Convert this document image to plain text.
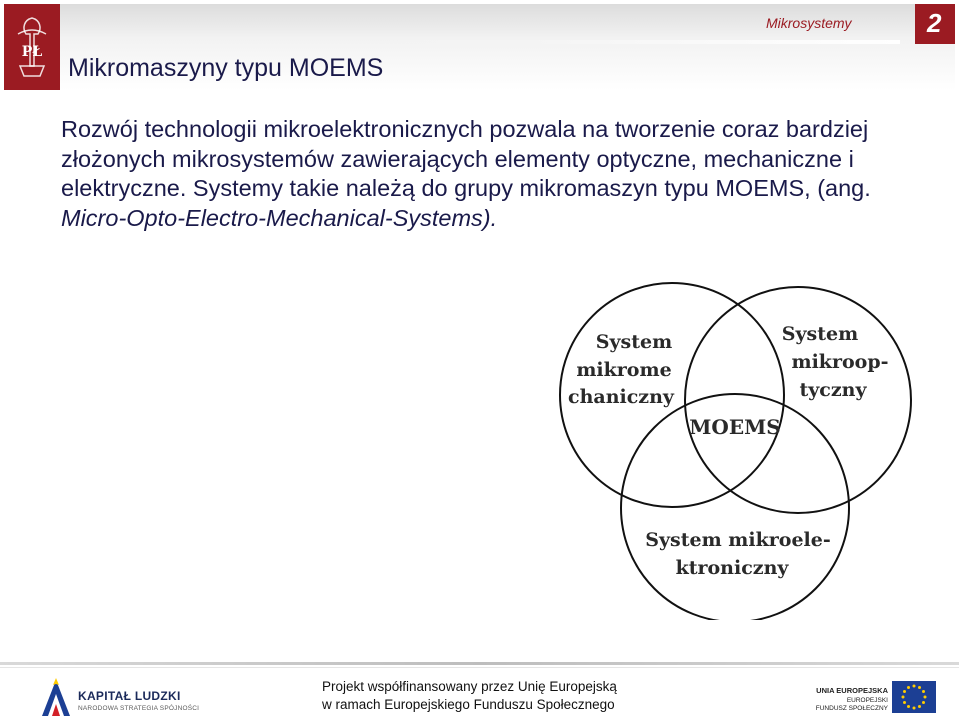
PŁ
Mikromaszyny typu MOEMS
Mikrosystemy	2

Rozwój technologii mikroelektronicznych pozwala na tworzenie coraz bardziej złożonych mikrosystemów zawierających elementy optyczne, mechaniczne i elektryczne. Systemy takie należą do grupy mikromaszyn typu MOEMS, (ang. Micro-Opto-Electro-Mechanical-Systems).

System
mikrome
chaniczny
System
mikroop-
tyczny
MOEMS
System mikroele-
ktroniczny
KAPITAŁ LUDZKI
NARODOWA STRATEGIA SPÓJNOŚCI
Projekt współfinansowany przez Unię Europejską
w ramach Europejskiego Funduszu Społecznego
UNIA EUROPEJSKA
EUROPEJSKI
FUNDUSZ SPOŁECZNY
